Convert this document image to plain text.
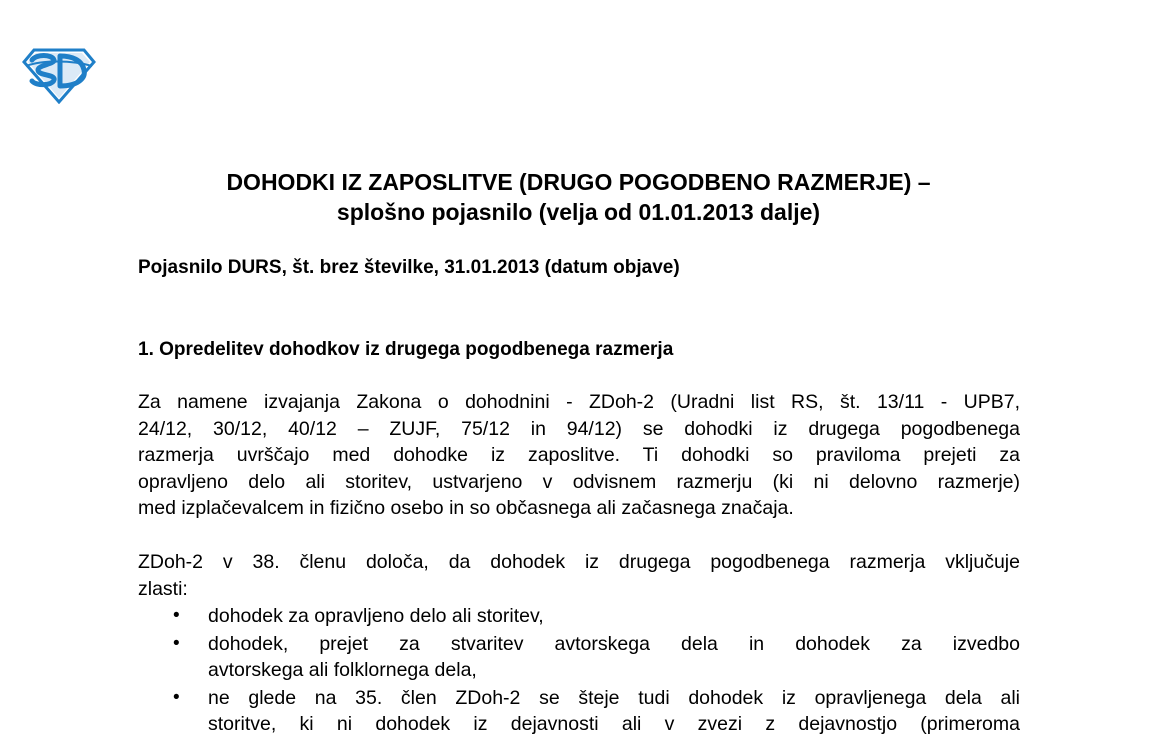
DOHODKI IZ ZAPOSLITVE (DRUGO POGODBENO RAZMERJE) –
splošno pojasnilo (velja od 01.01.2013 dalje)

Pojasnilo DURS, št. brez številke, 31.01.2013 (datum objave)

1. Opredelitev dohodkov iz drugega pogodbenega razmerja

Za namene izvajanja Zakona o dohodnini - ZDoh-2 (Uradni list RS, št. 13/11 - UPB7,
24/12, 30/12, 40/12 – ZUJF, 75/12 in 94/12) se dohodki iz drugega pogodbenega
razmerja uvrščajo med dohodke iz zaposlitve. Ti dohodki so praviloma prejeti za
opravljeno delo ali storitev, ustvarjeno v odvisnem razmerju (ki ni delovno razmerje)
med izplačevalcem in fizično osebo in so občasnega ali začasnega značaja.

ZDoh-2 v 38. členu določa, da dohodek iz drugega pogodbenega razmerja vključuje
zlasti:

• dohodek za opravljeno delo ali storitev,
• dohodek, prejet za stvaritev avtorskega dela in dohodek za izvedbo
avtorskega ali folklornega dela,
• ne glede na 35. člen ZDoh-2 se šteje tudi dohodek iz opravljenega dela ali
storitve, ki ni dohodek iz dejavnosti ali v zvezi z dejavnostjo (primeroma
